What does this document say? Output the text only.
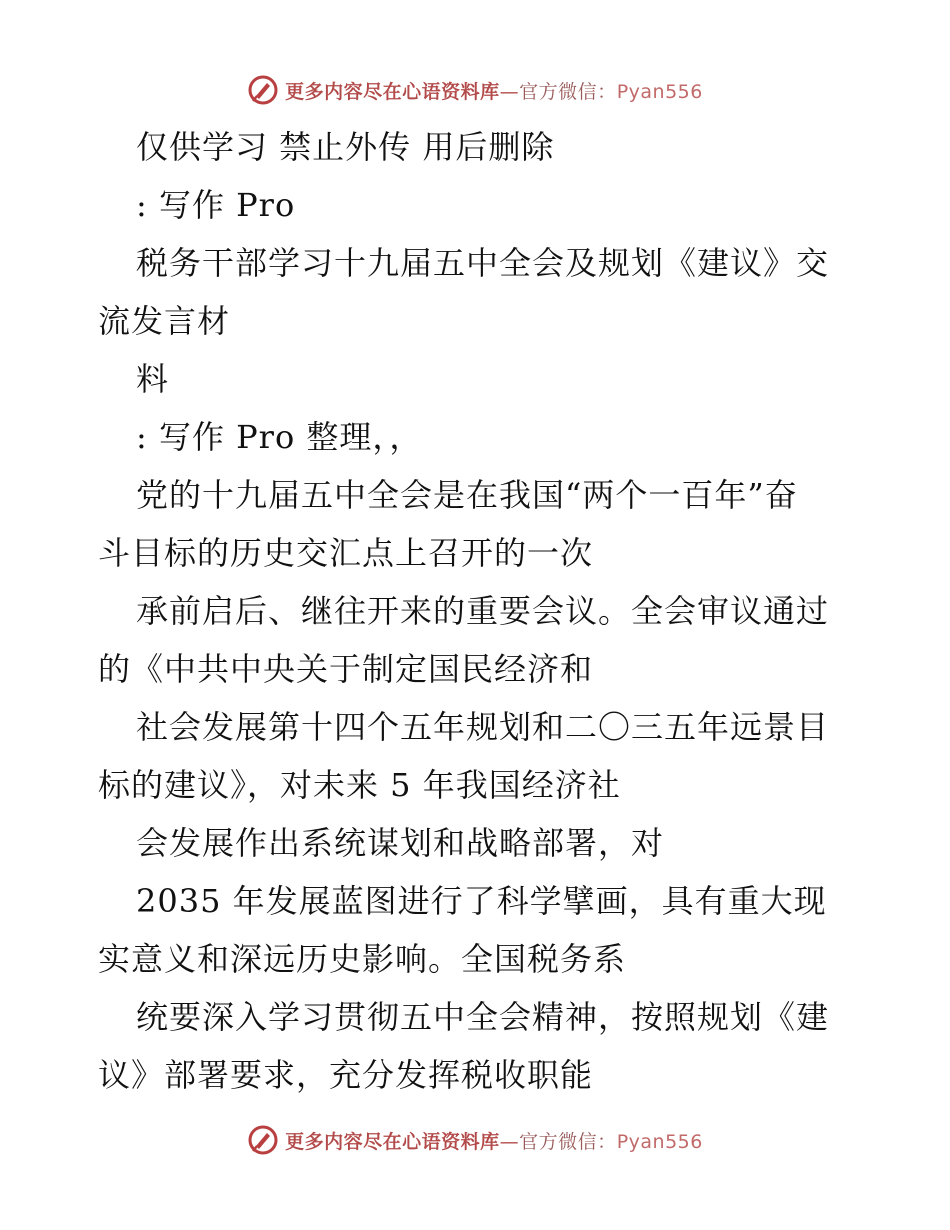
更多内容尽在心语资料库—官方微信：Pyan556
仅供学习 禁止外传 用后删除
: 写作 Pro
税务干部学习十九届五中全会及规划《建议》交
流发言材
料
: 写作 Pro 整理，，
党的十九届五中全会是在我国“两个一百年”奋
斗目标的历史交汇点上召开的一次
承前启后、继往开来的重要会议。全会审议通过
的《中共中央关于制定国民经济和
社会发展第十四个五年规划和二〇三五年远景目
标的建议》，对未来 5 年我国经济社
会发展作出系统谋划和战略部署，对
2035 年发展蓝图进行了科学擘画，具有重大现
实意义和深远历史影响。全国税务系
统要深入学习贯彻五中全会精神，按照规划《建
议》部署要求，充分发挥税收职能
更多内容尽在心语资料库—官方微信：Pyan556
